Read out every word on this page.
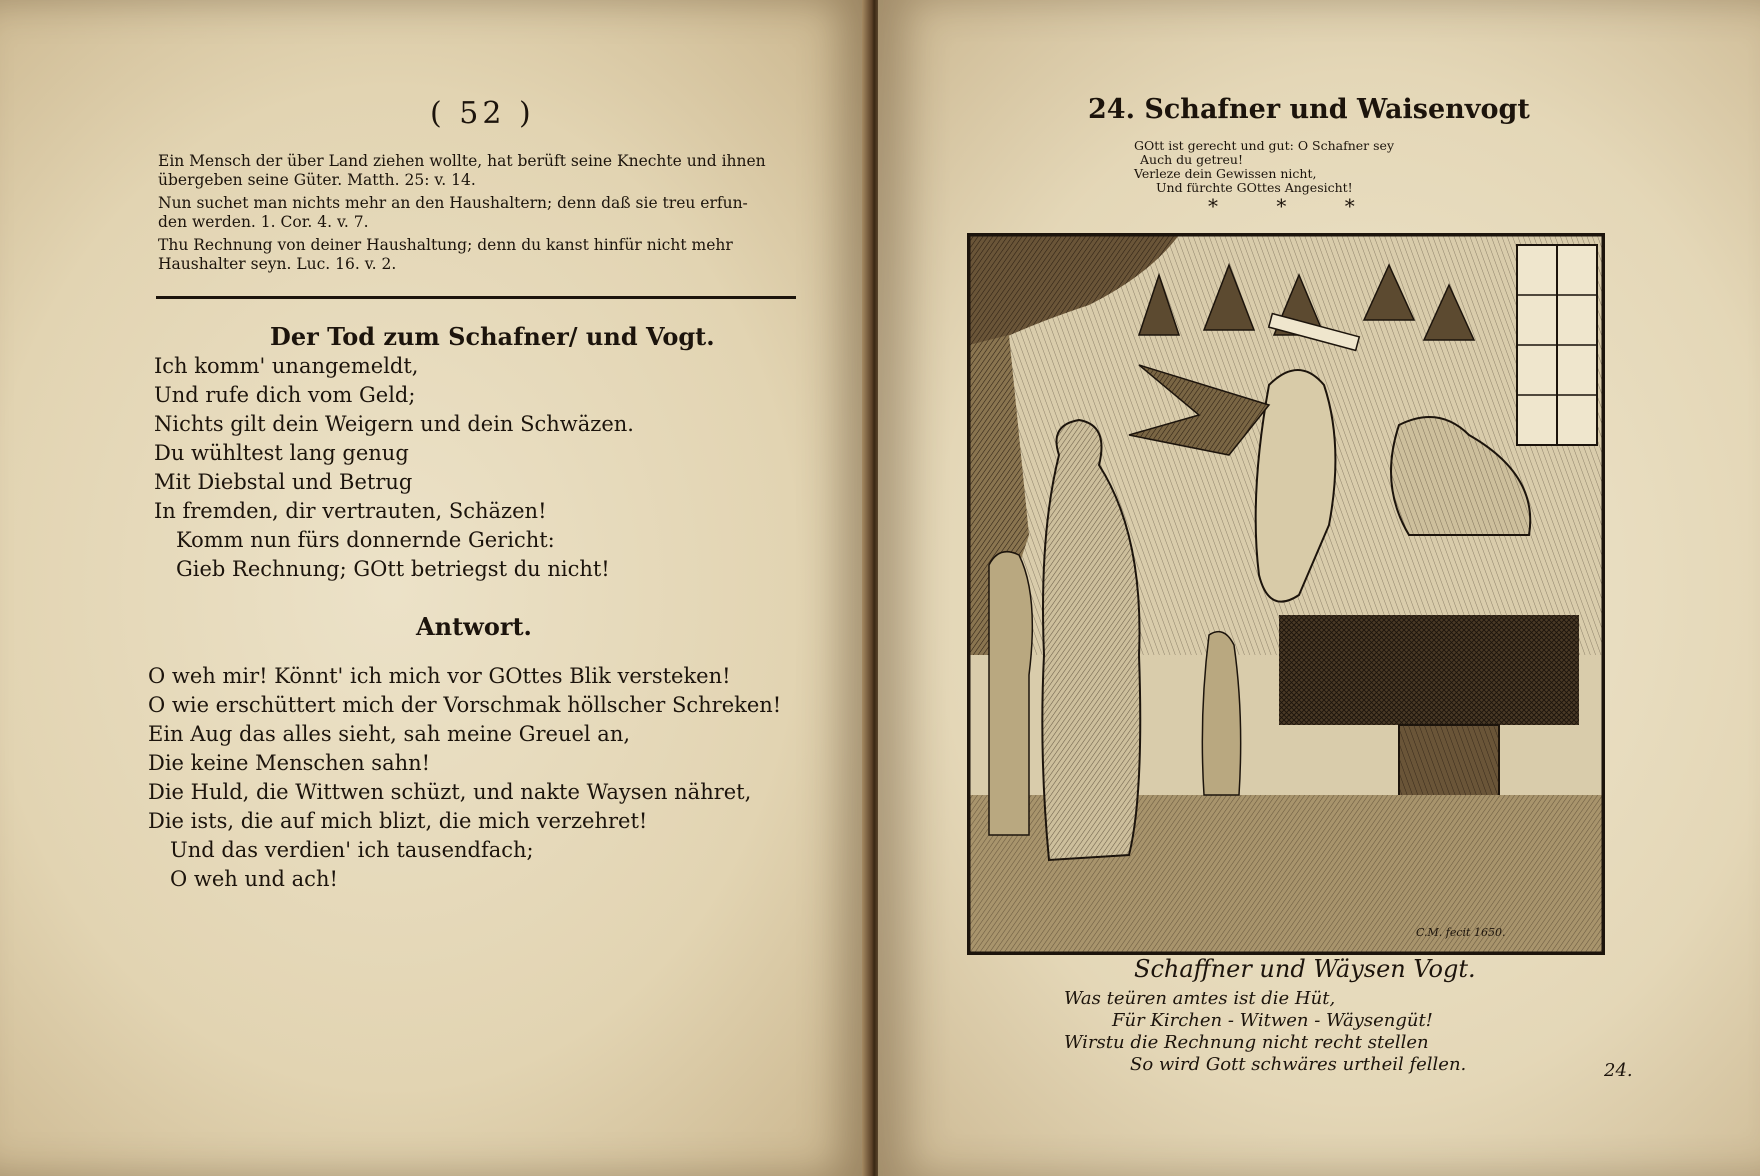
( 52 )
Ein Mensch der über Land ziehen wollte, hat berüft seine Knechte und ihnen
übergeben seine Güter. Matth. 25: v. 14.
Nun suchet man nichts mehr an den Haushaltern; denn daß sie treu erfun-
den werden. 1. Cor. 4. v. 7.
Thu Rechnung von deiner Haushaltung; denn du kanst hinfür nicht mehr
Haushalter seyn. Luc. 16. v. 2.
Der Tod zum Schafner/ und Vogt.
Ich komm' unangemeldt,
Und rufe dich vom Geld;
Nichts gilt dein Weigern und dein Schwäzen.
Du wühltest lang genug
Mit Diebstal und Betrug
In fremden, dir vertrauten, Schäzen!
Komm nun fürs donnernde Gericht:
Gieb Rechnung; GOtt betriegst du nicht!
Antwort.
O weh mir! Könnt' ich mich vor GOttes Blik versteken!
O wie erschüttert mich der Vorschmak höllscher Schreken!
Ein Aug das alles sieht, sah meine Greuel an,
Die keine Menschen sahn!
Die Huld, die Wittwen schüzt, und nakte Waysen nähret,
Die ists, die auf mich blizt, die mich verzehret!
Und das verdien' ich tausendfach;
O weh und ach!
24. Schafner und Waisenvogt
GOtt ist gerecht und gut: O Schafner sey
Auch du getreu!
Verleze dein Gewissen nicht,
Und fürchte GOttes Angesicht!
* * *
C.M. fecit 1650.
Schaffner und Wäysen Vogt.
Was teüren amtes ist die Hüt,
Für Kirchen - Witwen - Wäysengüt!
Wirstu die Rechnung nicht recht stellen
So wird Gott schwäres urtheil fellen.	24.
